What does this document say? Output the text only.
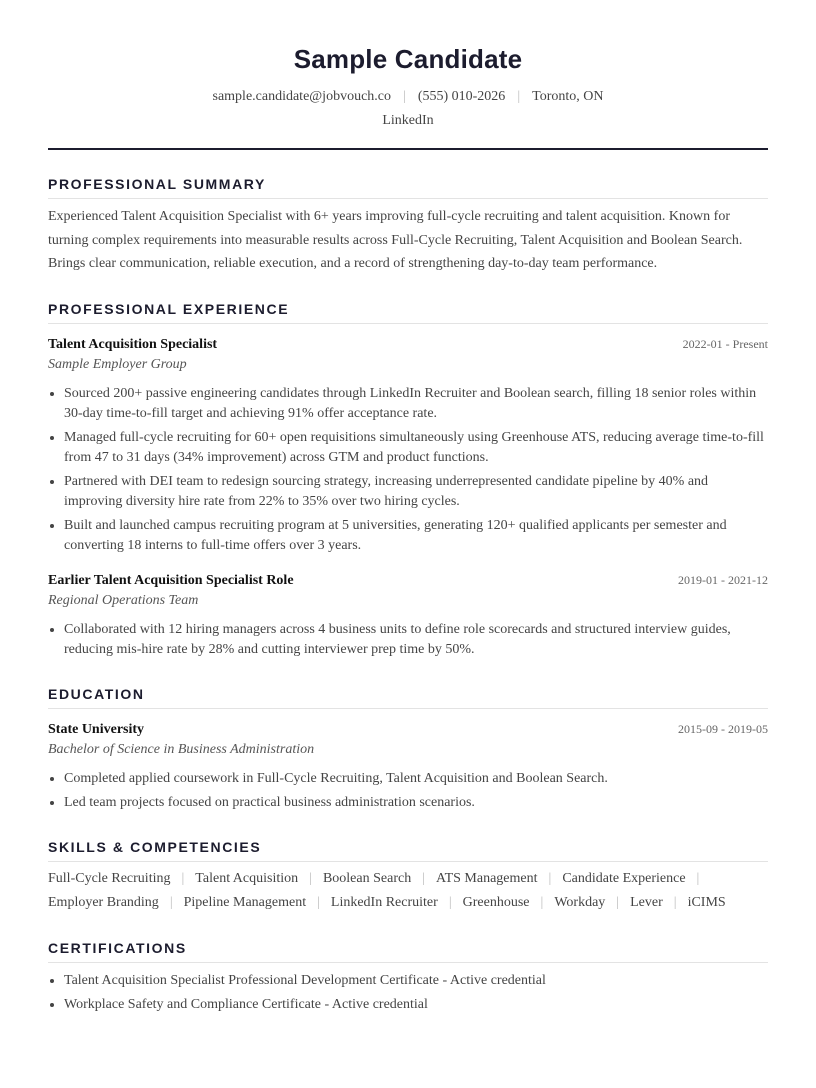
Sample Candidate
sample.candidate@jobvouch.co | (555) 010-2026 | Toronto, ON
LinkedIn
PROFESSIONAL SUMMARY
Experienced Talent Acquisition Specialist with 6+ years improving full-cycle recruiting and talent acquisition. Known for turning complex requirements into measurable results across Full-Cycle Recruiting, Talent Acquisition and Boolean Search. Brings clear communication, reliable execution, and a record of strengthening day-to-day team performance.
PROFESSIONAL EXPERIENCE
Talent Acquisition Specialist	2022-01 - Present
Sample Employer Group
Sourced 200+ passive engineering candidates through LinkedIn Recruiter and Boolean search, filling 18 senior roles within 30-day time-to-fill target and achieving 91% offer acceptance rate.
Managed full-cycle recruiting for 60+ open requisitions simultaneously using Greenhouse ATS, reducing average time-to-fill from 47 to 31 days (34% improvement) across GTM and product functions.
Partnered with DEI team to redesign sourcing strategy, increasing underrepresented candidate pipeline by 40% and improving diversity hire rate from 22% to 35% over two hiring cycles.
Built and launched campus recruiting program at 5 universities, generating 120+ qualified applicants per semester and converting 18 interns to full-time offers over 3 years.
Earlier Talent Acquisition Specialist Role	2019-01 - 2021-12
Regional Operations Team
Collaborated with 12 hiring managers across 4 business units to define role scorecards and structured interview guides, reducing mis-hire rate by 28% and cutting interviewer prep time by 50%.
EDUCATION
State University	2015-09 - 2019-05
Bachelor of Science in Business Administration
Completed applied coursework in Full-Cycle Recruiting, Talent Acquisition and Boolean Search.
Led team projects focused on practical business administration scenarios.
SKILLS & COMPETENCIES
Full-Cycle Recruiting | Talent Acquisition | Boolean Search | ATS Management | Candidate Experience |
Employer Branding | Pipeline Management | LinkedIn Recruiter | Greenhouse | Workday | Lever | iCIMS
CERTIFICATIONS
Talent Acquisition Specialist Professional Development Certificate - Active credential
Workplace Safety and Compliance Certificate - Active credential
